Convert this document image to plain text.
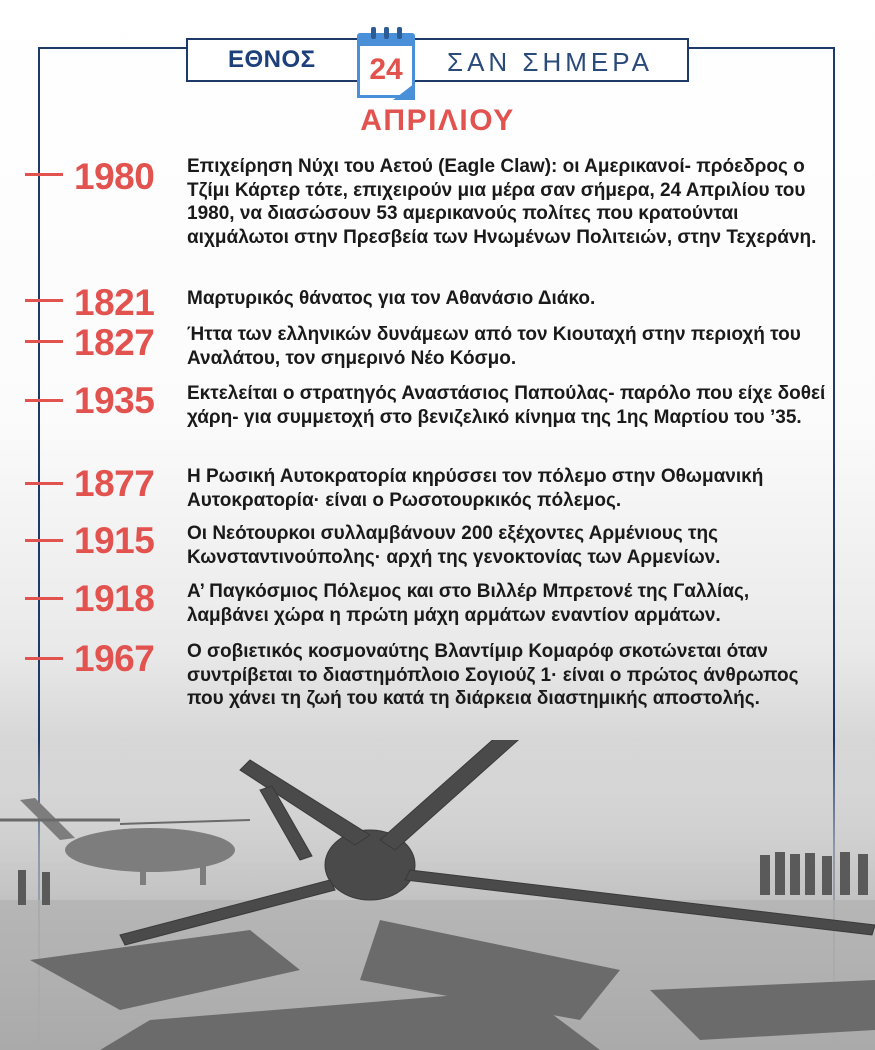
ΕΘΝΟΣ	24	ΣΑΝ ΣΗΜΕΡΑ
ΑΠΡΙΛΙΟΥ
1980	Επιχείρηση Νύχι του Αετού (Eagle Claw): οι Αμερικανοί- πρόεδρος ο Τζίμι Κάρτερ τότε, επιχειρούν μια μέρα σαν σήμερα, 24 Απριλίου του 1980, να διασώσουν 53 αμερικανούς πολίτες που κρατούνται αιχμάλωτοι στην Πρεσβεία των Ηνωμένων Πολιτειών, στην Τεχεράνη.
1821	Μαρτυρικός θάνατος για τον Αθανάσιο Διάκο.
1827	Ήττα των ελληνικών δυνάμεων από τον Κιουταχή στην περιοχή του Αναλάτου, τον σημερινό Νέο Κόσμο.
1935	Εκτελείται ο στρατηγός Αναστάσιος Παπούλας- παρόλο που είχε δοθεί χάρη- για συμμετοχή στο βενιζελικό κίνημα της 1ης Μαρτίου του ’35.
1877	Η Ρωσική Αυτοκρατορία κηρύσσει τον πόλεμο στην Οθωμανική Αυτοκρατορία· είναι ο Ρωσοτουρκικός πόλεμος.
1915	Οι Νεότουρκοι συλλαμβάνουν 200 εξέχοντες Αρμένιους της Κωνσταντινούπολης· αρχή της γενοκτονίας των Αρμενίων.
1918	Α’ Παγκόσμιος Πόλεμος και στο Βιλλέρ Μπρετονέ της Γαλλίας, λαμβάνει χώρα η πρώτη μάχη αρμάτων εναντίον αρμάτων.
1967	Ο σοβιετικός κοσμοναύτης Βλαντίμιρ Κομαρόφ σκοτώνεται όταν συντρίβεται το διαστημόπλοιο Σογιούζ 1· είναι ο πρώτος άνθρωπος που χάνει τη ζωή του κατά τη διάρκεια διαστημικής αποστολής.
